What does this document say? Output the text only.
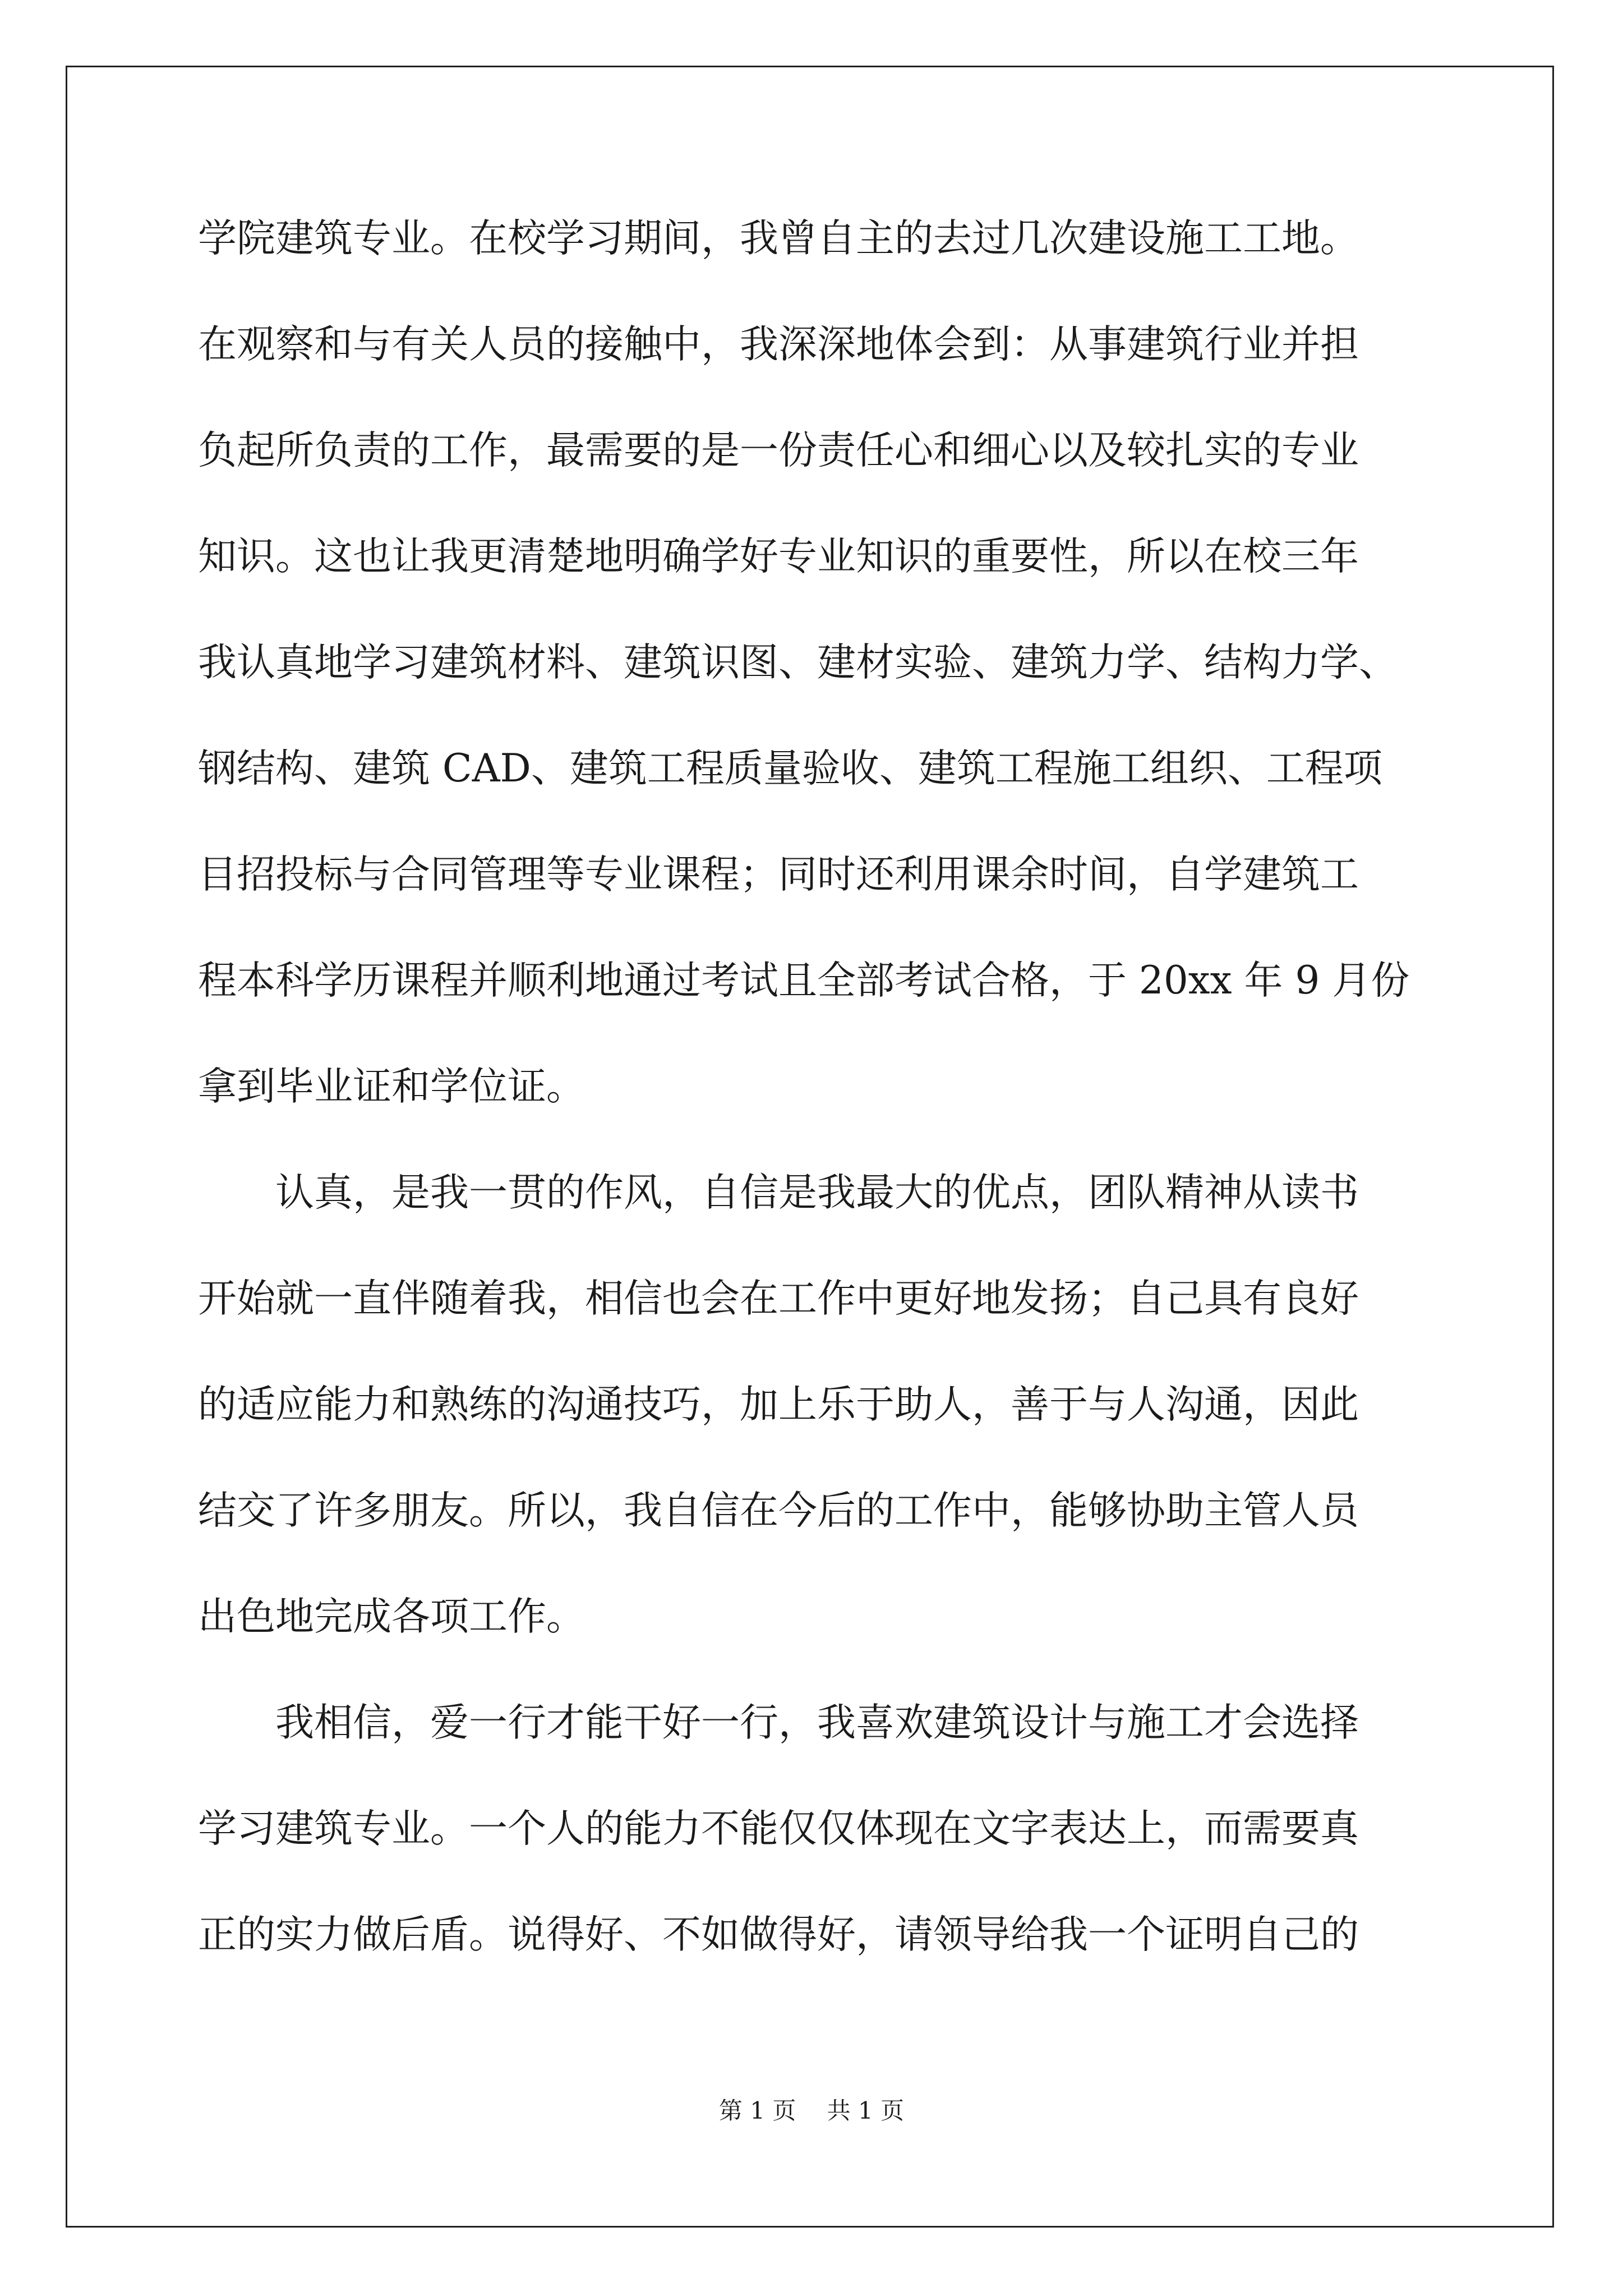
学院建筑专业。在校学习期间，我曾自主的去过几次建设施工工地。
在观察和与有关人员的接触中，我深深地体会到：从事建筑行业并担
负起所负责的工作，最需要的是一份责任心和细心以及较扎实的专业
知识。这也让我更清楚地明确学好专业知识的重要性，所以在校三年
我认真地学习建筑材料、建筑识图、建材实验、建筑力学、结构力学、
钢结构、建筑 CAD、建筑工程质量验收、建筑工程施工组织、工程项
目招投标与合同管理等专业课程；同时还利用课余时间，自学建筑工
程本科学历课程并顺利地通过考试且全部考试合格，于 20xx 年 9 月份
拿到毕业证和学位证。
　　认真，是我一贯的作风，自信是我最大的优点，团队精神从读书
开始就一直伴随着我，相信也会在工作中更好地发扬；自己具有良好
的适应能力和熟练的沟通技巧，加上乐于助人，善于与人沟通，因此
结交了许多朋友。所以，我自信在今后的工作中，能够协助主管人员
出色地完成各项工作。
　　我相信，爱一行才能干好一行，我喜欢建筑设计与施工才会选择
学习建筑专业。一个人的能力不能仅仅体现在文字表达上，而需要真
正的实力做后盾。说得好、不如做得好，请领导给我一个证明自己的
第 1 页　 共 1 页
